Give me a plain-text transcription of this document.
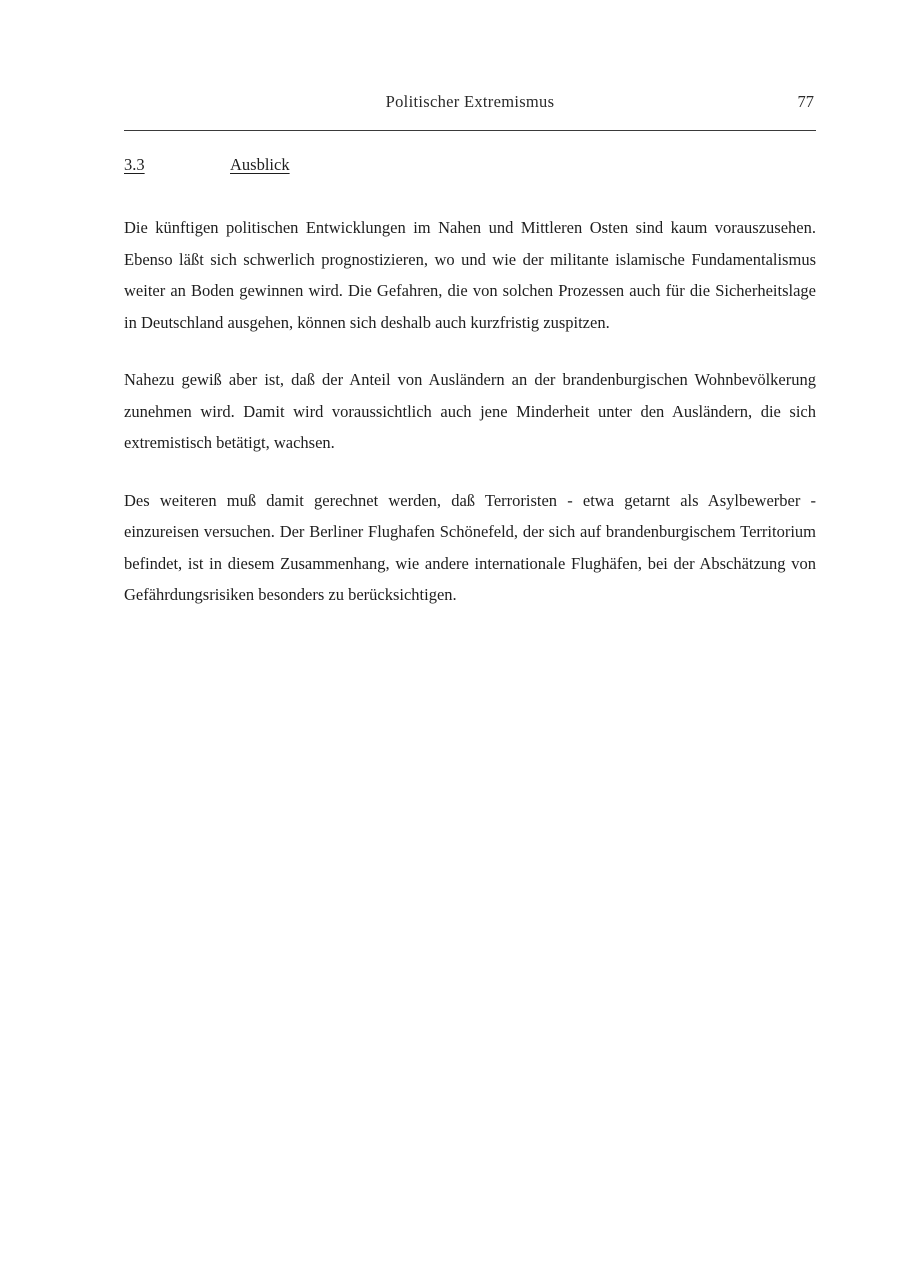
Politischer Extremismus	77
3.3	Ausblick

Die künftigen politischen Entwicklungen im Nahen und Mittleren Osten sind kaum vorauszusehen. Ebenso läßt sich schwerlich prognostizieren, wo und wie der militante islamische Fundamentalismus weiter an Boden gewinnen wird. Die Gefahren, die von solchen Prozessen auch für die Sicherheitslage in Deutschland ausgehen, können sich deshalb auch kurzfristig zuspitzen.

Nahezu gewiß aber ist, daß der Anteil von Ausländern an der brandenburgischen Wohnbevölkerung zunehmen wird. Damit wird voraussichtlich auch jene Minderheit unter den Ausländern, die sich extremistisch betätigt, wachsen.

Des weiteren muß damit gerechnet werden, daß Terroristen - etwa getarnt als Asylbewerber - einzureisen versuchen. Der Berliner Flughafen Schönefeld, der sich auf brandenburgischem Territorium befindet, ist in diesem Zusammenhang, wie andere internationale Flughäfen, bei der Abschätzung von Gefährdungsrisiken besonders zu berücksichtigen.
